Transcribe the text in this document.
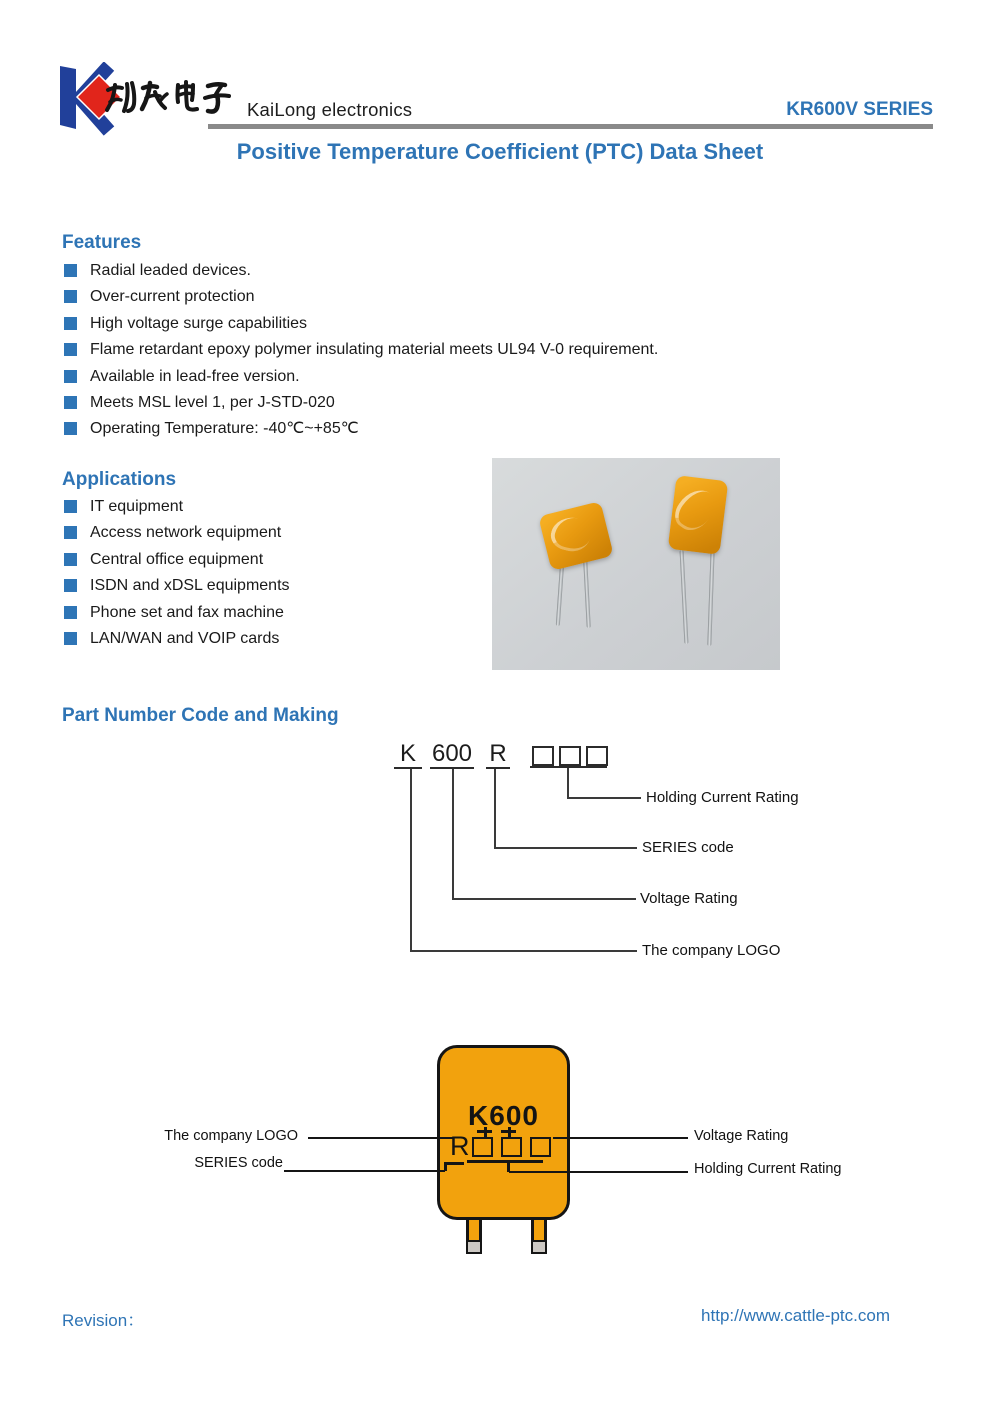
KaiLong electronics	KR600V SERIES
Positive Temperature Coefficient (PTC) Data Sheet
Features
Radial leaded devices.
Over-current protection
High voltage surge capabilities
Flame retardant epoxy polymer insulating material meets UL94 V-0 requirement.
Available in lead-free version.
Meets MSL level 1, per J-STD-020
Operating Temperature: -40℃~+85℃
Applications
IT equipment
Access network equipment
Central office equipment
ISDN and xDSL equipments
Phone set and fax machine
LAN/WAN and VOIP cards
Part Number Code and Making
K 600 R
Holding Current Rating
SERIES code
Voltage Rating
The company LOGO
K600
R
The company LOGO
SERIES code
Voltage Rating
Holding Current Rating
Revision：	http://www.cattle-ptc.com
